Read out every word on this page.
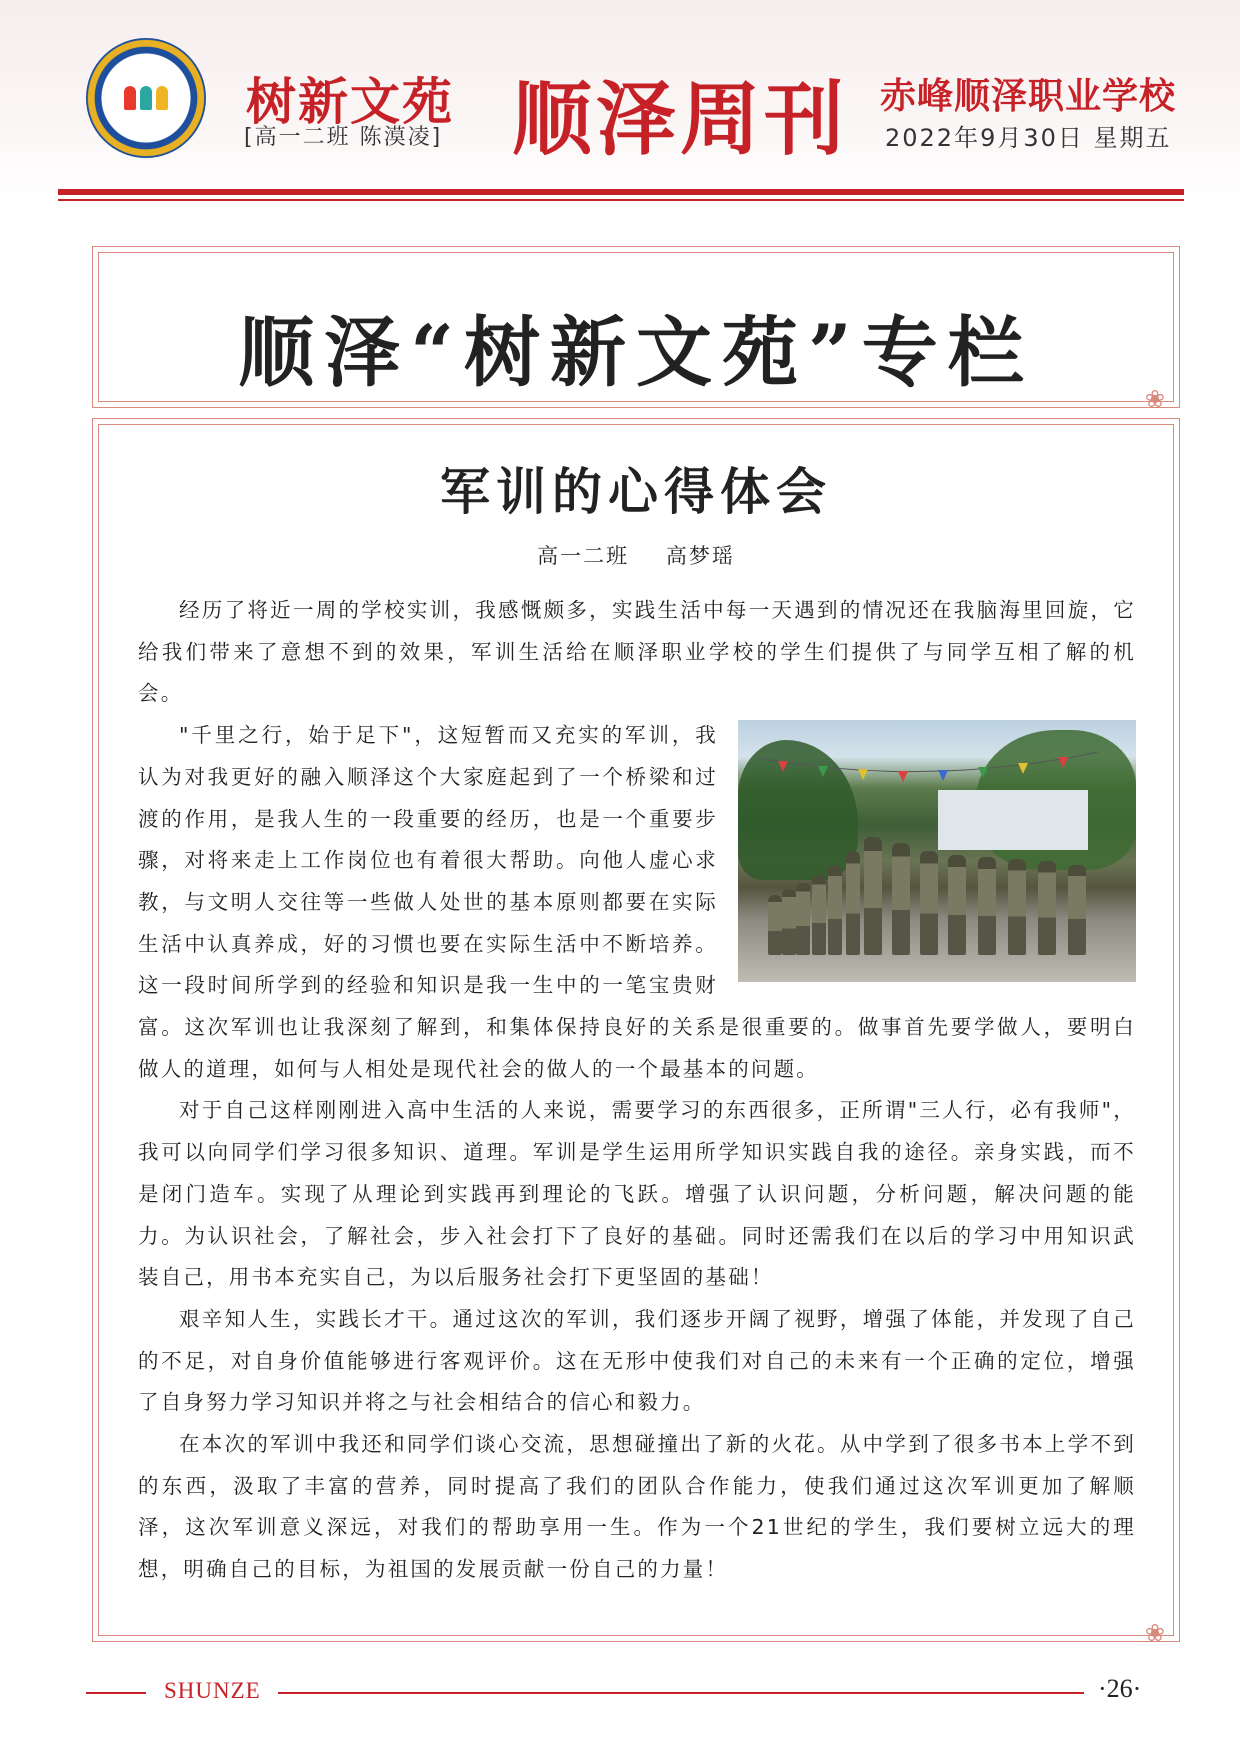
树新文苑
[高一二班 陈漠凌] 顺泽周刊 赤峰顺泽职业学校
2022年9月30日 星期五
❀
顺泽“树新文苑”专栏
❀
军训的心得体会
高一二班 高梦瑶

经历了将近一周的学校实训，我感慨颇多，实践生活中每一天遇到的情况还在我脑海里回旋，它给我们带来了意想不到的效果，军训生活给在顺泽职业学校的学生们提供了与同学互相了解的机会。

"千里之行，始于足下"，这短暂而又充实的军训，我认为对我更好的融入顺泽这个大家庭起到了一个桥梁和过渡的作用，是我人生的一段重要的经历，也是一个重要步骤，对将来走上工作岗位也有着很大帮助。向他人虚心求教，与文明人交往等一些做人处世的基本原则都要在实际生活中认真养成，好的习惯也要在实际生活中不断培养。这一段时间所学到的经验和知识是我一生中的一笔宝贵财富。这次军训也让我深刻了解到，和集体保持良好的关系是很重要的。做事首先要学做人，要明白做人的道理，如何与人相处是现代社会的做人的一个最基本的问题。

对于自己这样刚刚进入高中生活的人来说，需要学习的东西很多，正所谓"三人行，必有我师"，我可以向同学们学习很多知识、道理。军训是学生运用所学知识实践自我的途径。亲身实践，而不是闭门造车。实现了从理论到实践再到理论的飞跃。增强了认识问题，分析问题，解决问题的能力。为认识社会，了解社会，步入社会打下了良好的基础。同时还需我们在以后的学习中用知识武装自己，用书本充实自己，为以后服务社会打下更坚固的基础！

艰辛知人生，实践长才干。通过这次的军训，我们逐步开阔了视野，增强了体能，并发现了自己的不足，对自身价值能够进行客观评价。这在无形中使我们对自己的未来有一个正确的定位，增强了自身努力学习知识并将之与社会相结合的信心和毅力。

在本次的军训中我还和同学们谈心交流，思想碰撞出了新的火花。从中学到了很多书本上学不到的东西，汲取了丰富的营养，同时提高了我们的团队合作能力，使我们通过这次军训更加了解顺泽，这次军训意义深远，对我们的帮助享用一生。作为一个21世纪的学生，我们要树立远大的理想，明确自己的目标，为祖国的发展贡献一份自己的力量！

SHUNZE	·26·
